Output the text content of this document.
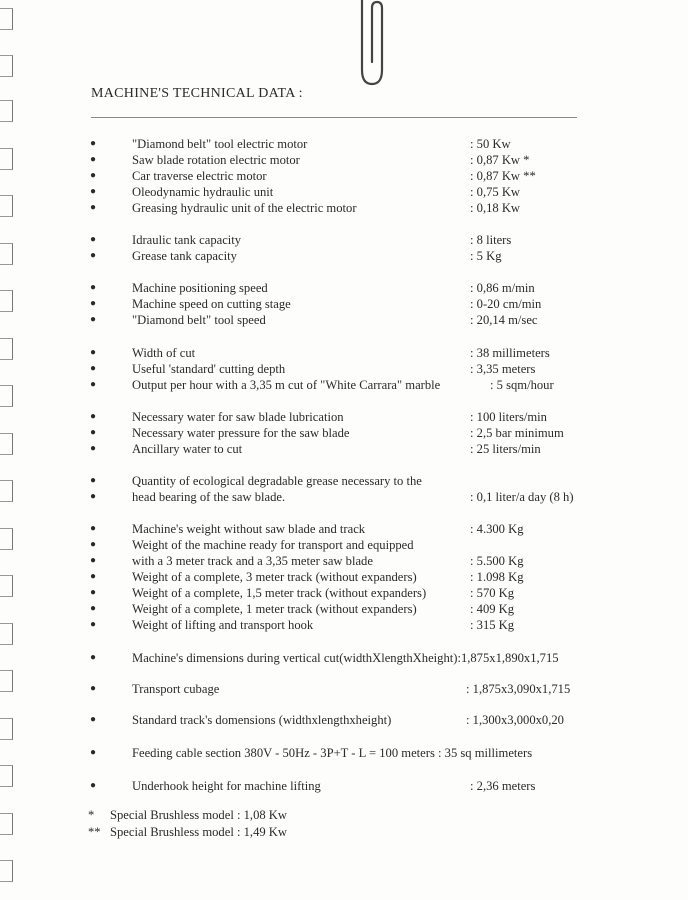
MACHINE'S TECHNICAL DATA :
●	"Diamond belt" tool electric motor	: 50 Kw
●	Saw blade rotation electric motor	: 0,87 Kw *
●	Car traverse electric motor	: 0,87 Kw **
●	Oleodynamic hydraulic unit	: 0,75 Kw
●	Greasing hydraulic unit of the electric motor	: 0,18 Kw
●	Idraulic tank capacity	: 8 liters
●	Grease tank capacity	: 5 Kg
●	Machine positioning speed	: 0,86 m/min
●	Machine speed on cutting stage	: 0-20 cm/min
●	"Diamond belt" tool speed	: 20,14 m/sec
●	Width of cut	: 38 millimeters
●	Useful 'standard' cutting depth	: 3,35 meters
●	Output per hour with a 3,35 m cut of "White Carrara" marble	: 5 sqm/hour
●	Necessary water for saw blade lubrication	: 100 liters/min
●	Necessary water pressure for the saw blade	: 2,5 bar minimum
●	Ancillary water to cut	: 25 liters/min
●	Quantity of ecological degradable grease necessary to the
●	head bearing of the saw blade.	: 0,1 liter/a day (8 h)
●	Machine's weight without saw blade and track	: 4.300 Kg
●	Weight of the machine ready for transport and equipped
●	with a 3 meter track and a 3,35 meter saw blade	: 5.500 Kg
●	Weight of a complete, 3 meter track (without expanders)	: 1.098 Kg
●	Weight of a complete, 1,5 meter track (without expanders)	: 570 Kg
●	Weight of a complete, 1 meter track (without expanders)	: 409 Kg
●	Weight of lifting and transport hook	: 315 Kg
●	Machine's dimensions during vertical cut(widthXlengthXheight):1,875x1,890x1,715
●	Transport cubage	: 1,875x3,090x1,715
●	Standard track's domensions (widthxlengthxheight)	: 1,300x3,000x0,20
●	Feeding cable section 380V - 50Hz - 3P+T - L = 100 meters : 35 sq millimeters
●	Underhook height for machine lifting	: 2,36 meters
* Special Brushless model : 1,08 Kw
** Special Brushless model : 1,49 Kw
